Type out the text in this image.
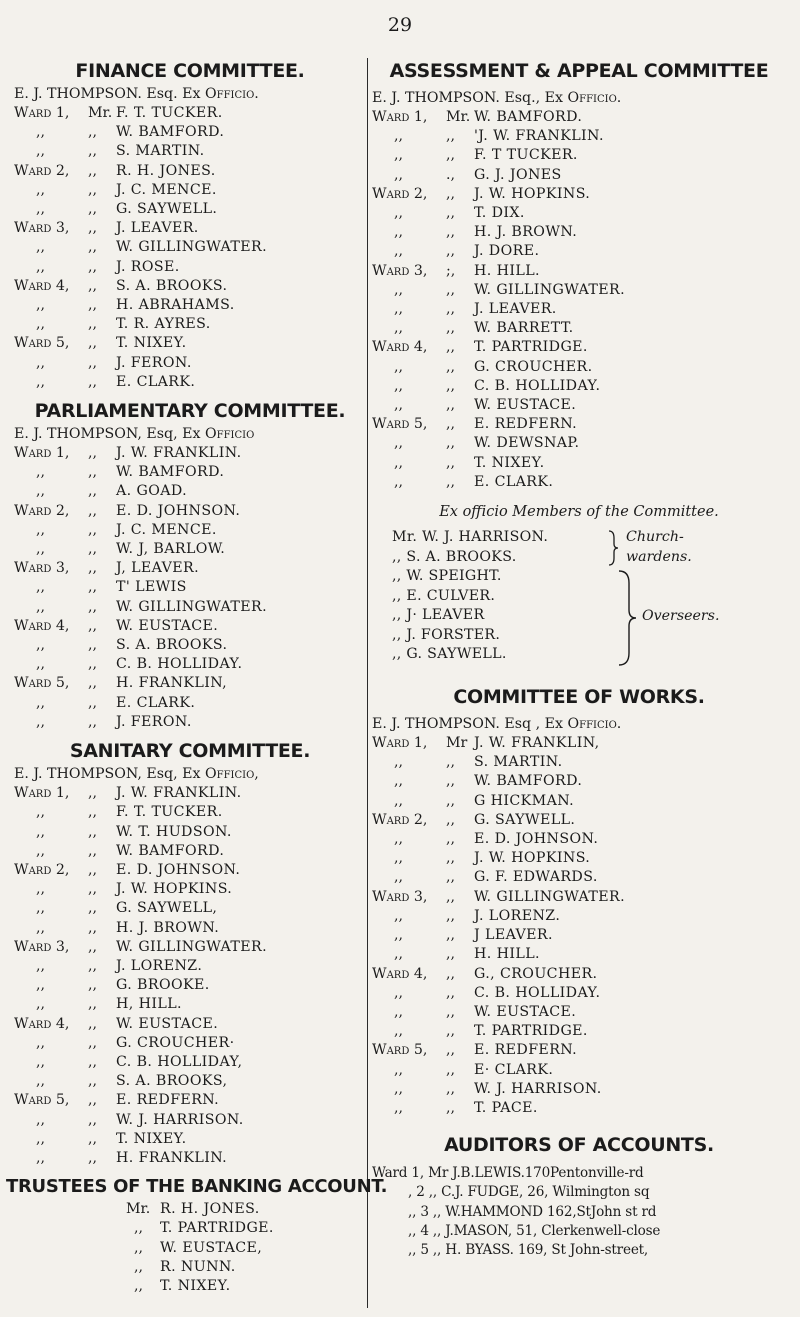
29
FINANCE COMMITTEE.
E. J. THOMPSON. Esq. Ex Officio.
Ward 1,	Mr. F. T. TUCKER.
,,	,,	W. BAMFORD.
,,	,,	S. MARTIN.
Ward 2,	,,	R. H. JONES.
,,	,,	J. C. MENCE.
,,	,,	G. SAYWELL.
Ward 3,	,,	J. LEAVER.
,,	,,	W. GILLINGWATER.
,,	,,	J. ROSE.
Ward 4,	,,	S. A. BROOKS.
,,	,,	H. ABRAHAMS.
,,	,,	T. R. AYRES.
Ward 5,	,,	T. NIXEY.
,,	,,	J. FERON.
,,	,,	E. CLARK.
PARLIAMENTARY COMMITTEE.
E. J. THOMPSON, Esq, Ex Officio
Ward 1,	,,	J. W. FRANKLIN.
,,	,,	W. BAMFORD.
,,	,,	A. GOAD.
Ward 2,	,,	E. D. JOHNSON.
,,	,,	J. C. MENCE.
,,	,,	W. J, BARLOW.
Ward 3,	,,	J, LEAVER.
,,	,,	T' LEWIS
,,	,,	W. GILLINGWATER.
Ward 4,	,,	W. EUSTACE.
,,	,,	S. A. BROOKS.
,,	,,	C. B. HOLLIDAY.
Ward 5,	,,	H. FRANKLIN,
,,	,,	E. CLARK.
,,	,,	J. FERON.
SANITARY COMMITTEE.
E. J. THOMPSON, Esq, Ex Officio,
Ward 1,	,,	J. W. FRANKLIN.
,,	,,	F. T. TUCKER.
,,	,,	W. T. HUDSON.
,,	,,	W. BAMFORD.
Ward 2,	,,	E. D. JOHNSON.
,,	,,	J. W. HOPKINS.
,,	,,	G. SAYWELL,
,,	,,	H. J. BROWN.
Ward 3,	,,	W. GILLINGWATER.
,,	,,	J. LORENZ.
,,	,,	G. BROOKE.
,,	,,	H, HILL.
Ward 4,	,,	W. EUSTACE.
,,	,,	G. CROUCHER·
,,	,,	C. B. HOLLIDAY,
,,	,,	S. A. BROOKS,
Ward 5,	,,	E. REDFERN.
,,	,,	W. J. HARRISON.
,,	,,	T. NIXEY.
,,	,,	H. FRANKLIN.
TRUSTEES OF THE BANKING ACCOUNT.
Mr. R. H. JONES.
,,	T. PARTRIDGE.
,,	W. EUSTACE,
,,	R. NUNN.
,,	T. NIXEY.
ASSESSMENT & APPEAL COMMITTEE
E. J. THOMPSON. Esq., Ex Officio.
Ward 1,	Mr. W. BAMFORD.
,,	,,	'J. W. FRANKLIN.
,,	,,	F. T TUCKER.
,,	.,	G. J. JONES
Ward 2,	,,	J. W. HOPKINS.
,,	,,	T. DIX.
,,	,,	H. J. BROWN.
,,	,,	J. DORE.
Ward 3,	;,	H. HILL.
,,	,,	W. GILLINGWATER.
,,	,,	J. LEAVER.
,,	,,	W. BARRETT.
Ward 4,	,,	T. PARTRIDGE.
,,	,,	G. CROUCHER.
,,	,,	C. B. HOLLIDAY.
,,	,,	W. EUSTACE.
Ward 5,	,,	E. REDFERN.
,,	,,	W. DEWSNAP.
,,	,,	T. NIXEY.
,,	,,	E. CLARK.
Ex officio Members of the Committee.
Mr. W. J. HARRISON.
,, S. A. BROOKS.
,, W. SPEIGHT.
,, E. CULVER.
,, J· LEAVER
,, J. FORSTER.
,, G. SAYWELL.
Church-
wardens.
Overseers.
COMMITTEE OF WORKS.
E. J. THOMPSON. Esq , Ex Officio.
Ward 1,	Mr J. W. FRANKLIN,
,,	,,	S. MARTIN.
,,	,,	W. BAMFORD.
,,	,,	G HICKMAN.
Ward 2,	,,	G. SAYWELL.
,,	,,	E. D. JOHNSON.
,,	,,	J. W. HOPKINS.
,,	,,	G. F. EDWARDS.
Ward 3,	,,	W. GILLINGWATER.
,,	,,	J. LORENZ.
,,	,,	J LEAVER.
,,	,,	H. HILL.
Ward 4,	,,	G., CROUCHER.
,,	,,	C. B. HOLLIDAY.
,,	,,	W. EUSTACE.
,,	,,	T. PARTRIDGE.
Ward 5,	,,	E. REDFERN.
,,	,,	E· CLARK.
,,	,,	W. J. HARRISON.
,,	,,	T. PACE.
AUDITORS OF ACCOUNTS.
Ward 1, Mr J.B.LEWIS.170Pentonville-rd
, 2 ,, C.J. FUDGE, 26, Wilmington sq
,, 3 ,, W.HAMMOND 162,StJohn st rd
,, 4 ,, J.MASON, 51, Clerkenwell-close
,, 5 ,, H. BYASS. 169, St John-street,
